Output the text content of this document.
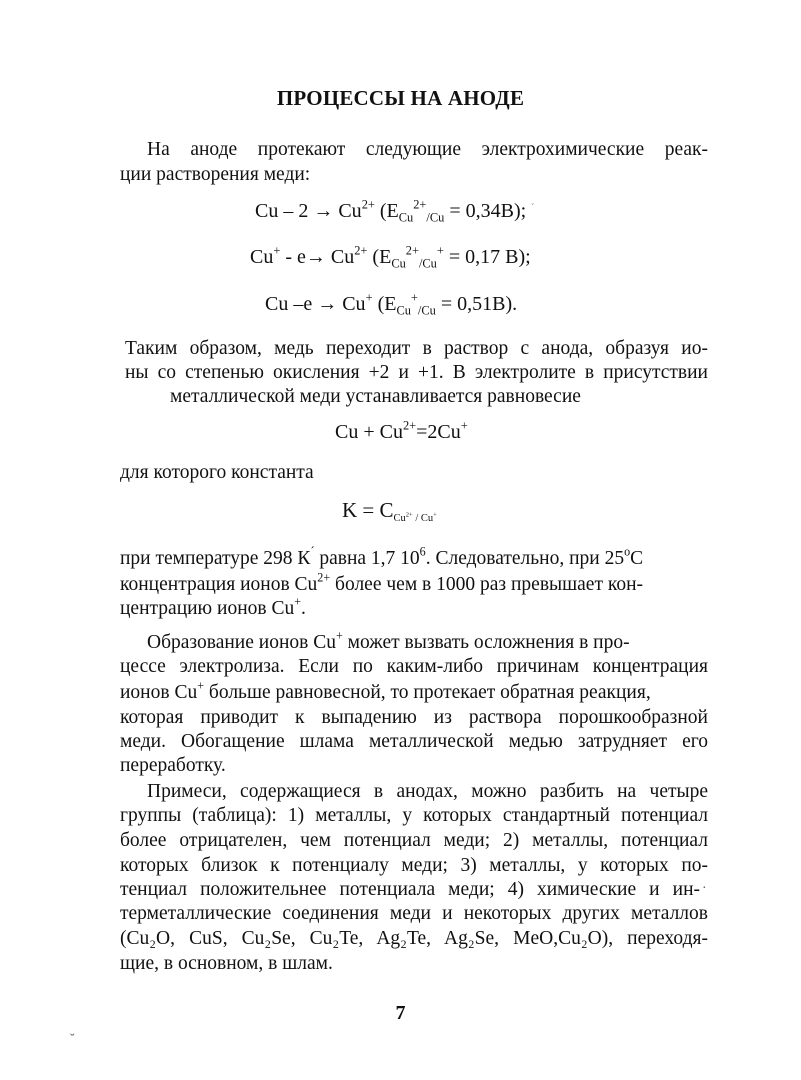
ПРОЦЕССЫ НА АНОДЕ
На аноде протекают следующие электрохимические реак-
ции растворения меди:
$Cu - 2 \to Cu^{2+}$ $(E_{Cu}^{2+}_{/Cu} = 0,34В)$; ´
$Cu^+ - e\to Cu^{2+}$ ($E_{Cu}^{2+}_{/Cu}^+ = 0,17$ В);
Cu –e → Cu+ $(E_{Cu}^+_{/Cu} = 0,51В)$.
Таким образом, медь переходит в раствор с анода, образуя ио-
ны со степенью окисления +2 и +1. В электролите в присутствии
металлической меди устанавливается равновесие
$Cu + Cu^{2+}=2Cu^+$
для которого константа
$K = C_{Cu^{2+} / Cu^+}$
при температуре 298 К´ равна 1,7 $10^6$. Следовательно, при 25$^o$С
концентрация ионов $Cu^{2+}$ более чем в 1000 раз превышает кон-
центрацию ионов Cu+.
Образование ионов Cu+ может вызвать осложнения в про-
цессе электролиза. Если по каким-либо причинам концентрация
ионов Cu+ больше равновесной, то протекает обратная реакция,
которая приводит к выпадению из раствора порошкообразной
меди. Обогащение шлама металлической медью затрудняет его
переработку.
Примеси, содержащиеся в анодах, можно разбить на четыре
группы (таблица): 1) металлы, у которых стандартный потенциал
более отрицателен, чем потенциал меди; 2) металлы, потенциал
которых близок к потенциалу меди; 3) металлы, у которых по-
тенциал положительнее потенциала меди; 4) химические и ин- ·
терметаллические соединения меди и некоторых других металлов
(Cu₂O, CuS, Cu₂Se, Cu₂Te, Ag₂Te, Ag₂Se, MeO,Cu₂O), переходя-
щие, в основном, в шлам.
7
˘
